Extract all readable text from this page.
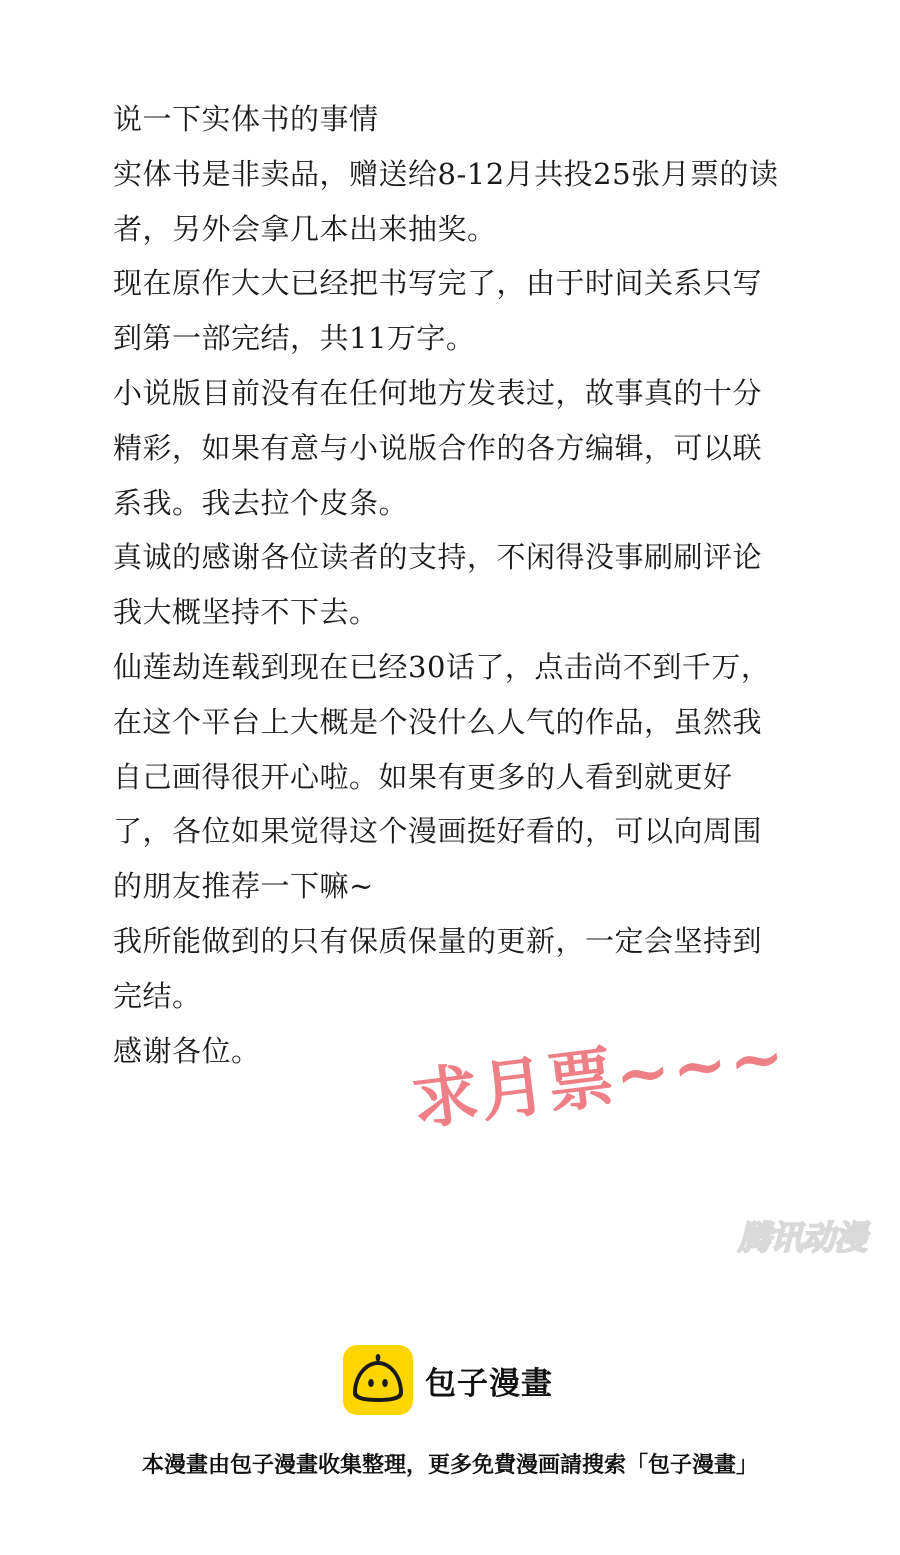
说一下实体书的事情
实体书是非卖品，赠送给8-12月共投25张月票的读
者，另外会拿几本出来抽奖。
现在原作大大已经把书写完了，由于时间关系只写
到第一部完结，共11万字。
小说版目前没有在任何地方发表过，故事真的十分
精彩，如果有意与小说版合作的各方编辑，可以联
系我。我去拉个皮条。
真诚的感谢各位读者的支持，不闲得没事刷刷评论
我大概坚持不下去。
仙莲劫连载到现在已经30话了，点击尚不到千万，
在这个平台上大概是个没什么人气的作品，虽然我
自己画得很开心啦。如果有更多的人看到就更好
了，各位如果觉得这个漫画挺好看的，可以向周围
的朋友推荐一下嘛~
我所能做到的只有保质保量的更新，一定会坚持到
完结。
感谢各位。	求月票~~~
腾讯动漫
包子漫畫
本漫畫由包子漫畫收集整理，更多免費漫画請搜索「包子漫畫」
